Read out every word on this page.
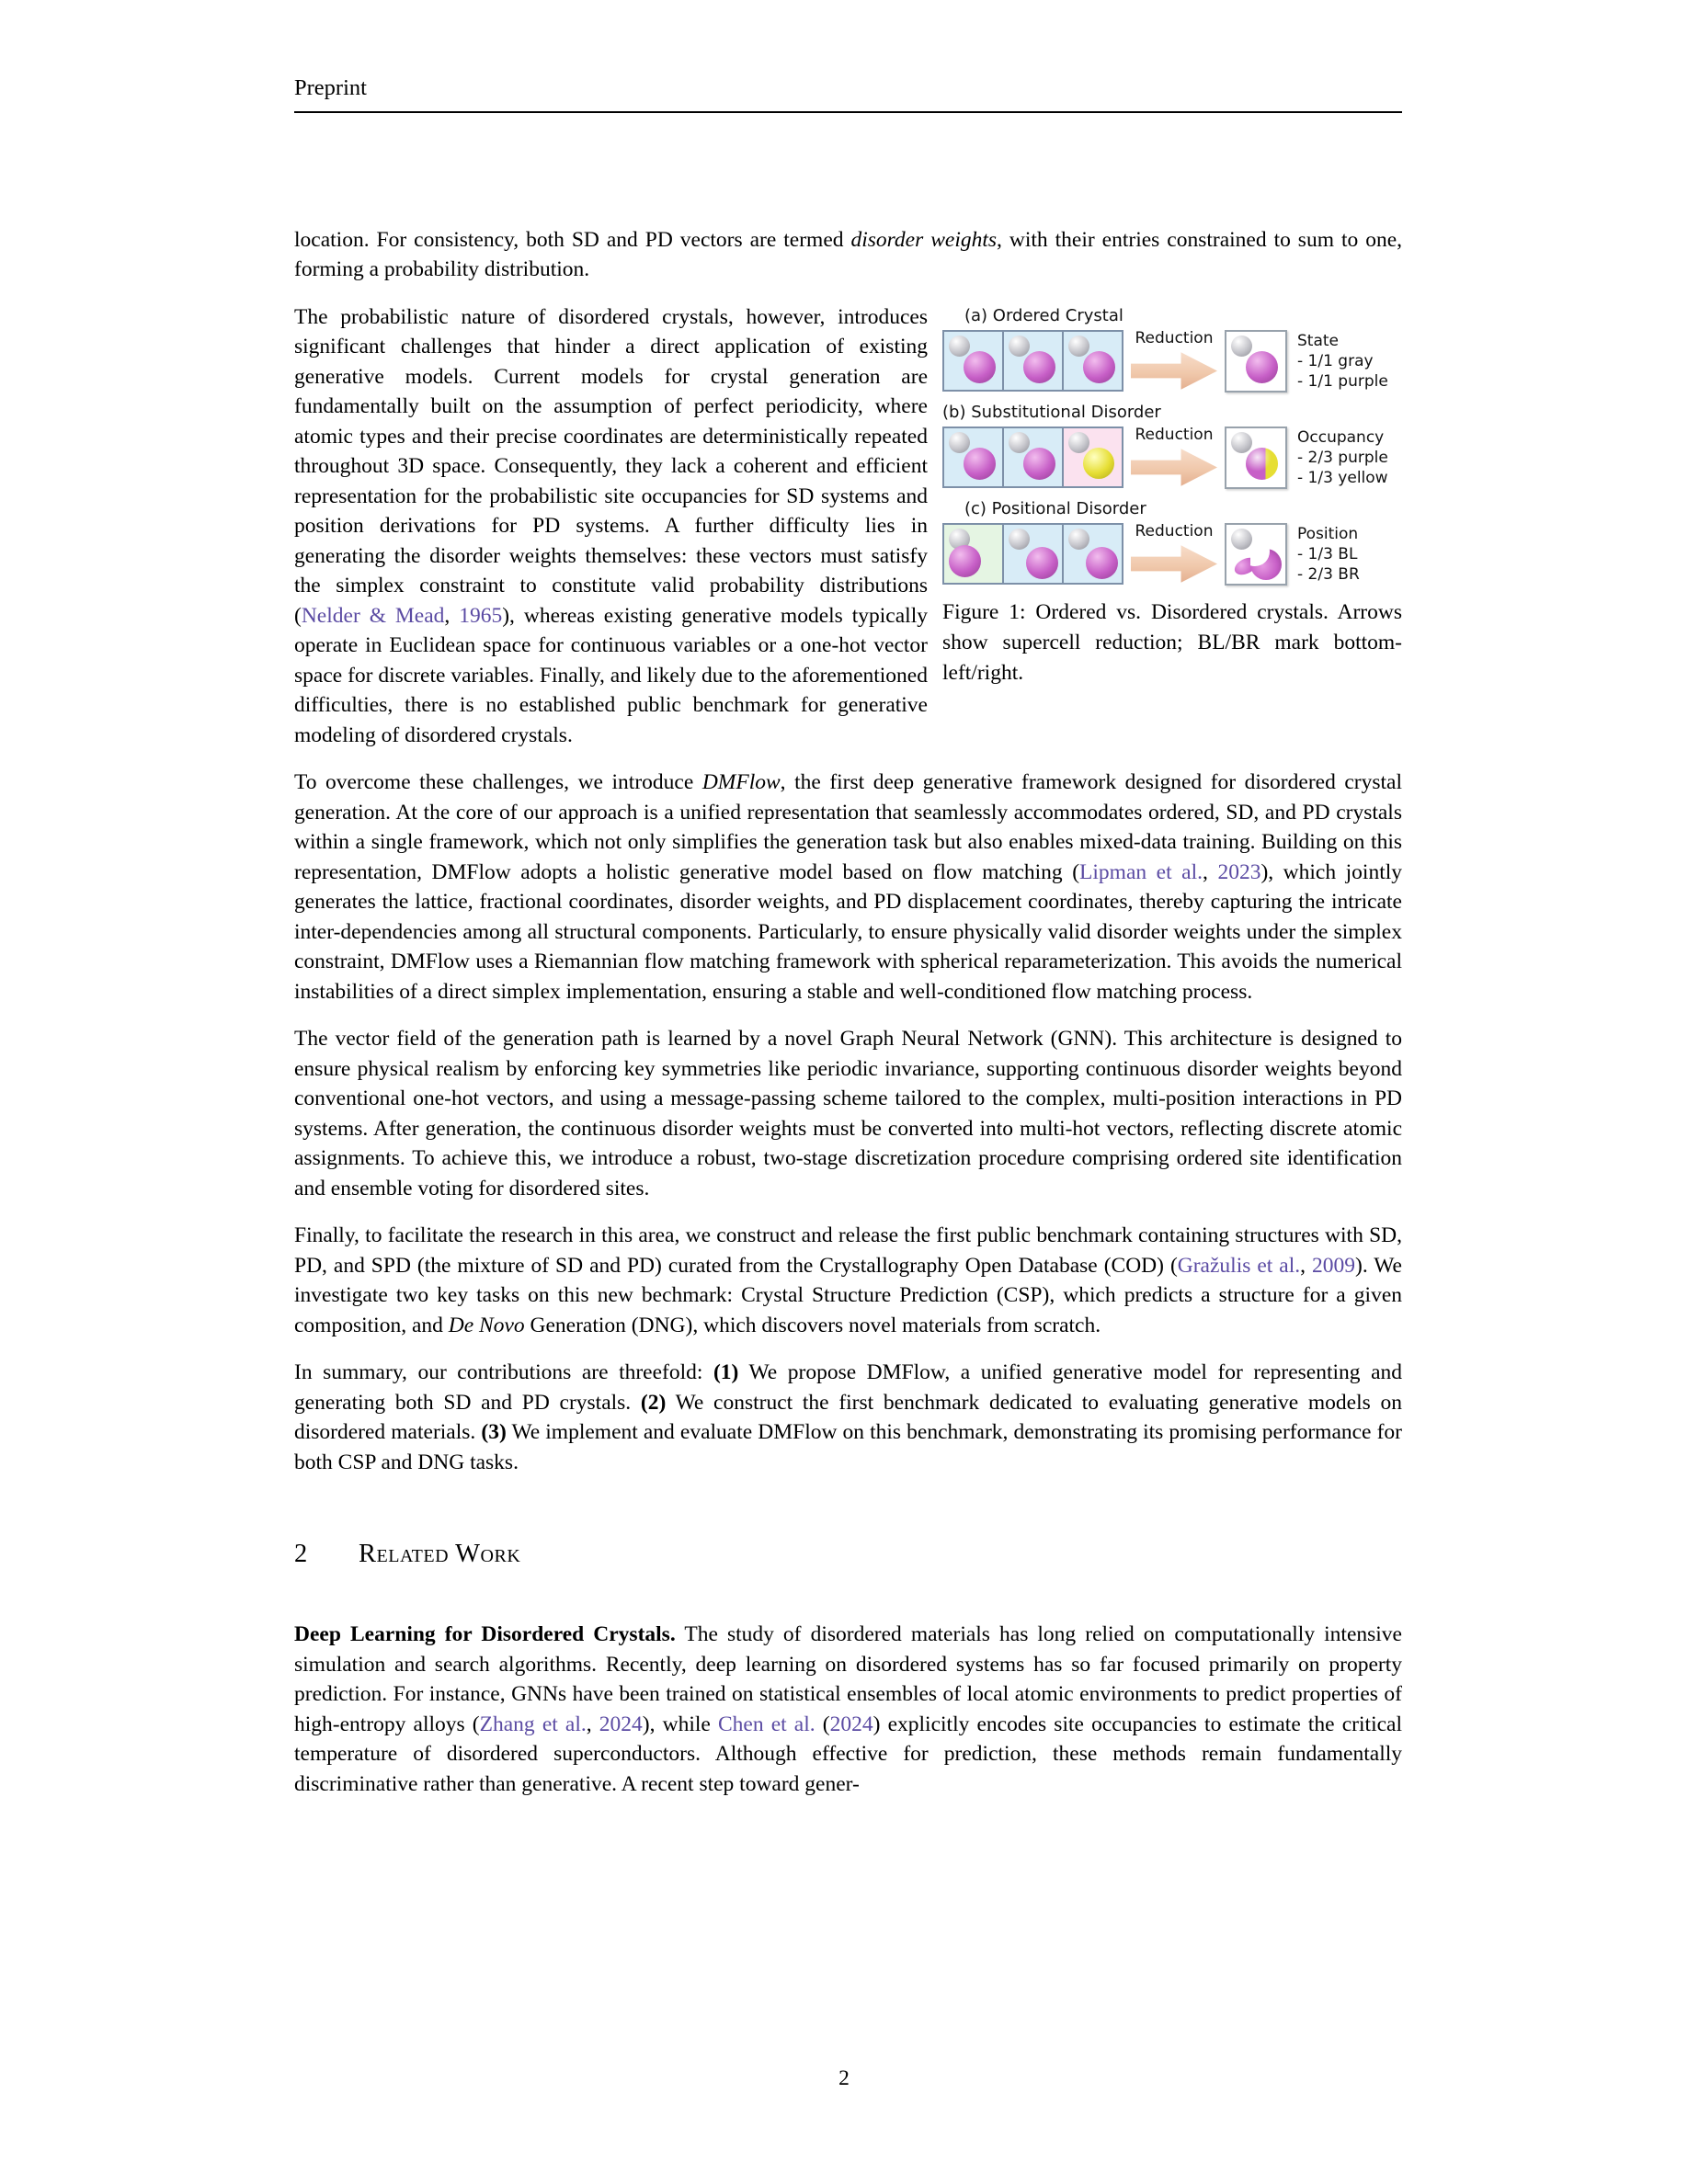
Preprint

location. For consistency, both SD and PD vectors are termed disorder weights, with their entries constrained to sum to one, forming a probability distribution.

(a) Ordered Crystal
Reduction	State
- 1/1 gray
- 1/1 purple
(b) Substitutional Disorder
Reduction	Occupancy
- 2/3 purple
- 1/3 yellow
(c) Positional Disorder
Reduction	Position
- 1/3 BL
- 2/3 BR
Figure 1: Ordered vs. Disordered crystals. Arrows show supercell reduction; BL/BR mark bottom-left/right.

The probabilistic nature of disordered crystals, however, introduces significant challenges that hinder a direct application of existing generative models. Current models for crystal generation are fundamentally built on the assumption of perfect periodicity, where atomic types and their precise coordinates are deterministically repeated throughout 3D space. Consequently, they lack a coherent and efficient representation for the probabilistic site occupancies for SD systems and position derivations for PD systems. A further difficulty lies in generating the disorder weights themselves: these vectors must satisfy the simplex constraint to constitute valid probability distributions (Nelder & Mead, 1965), whereas existing generative models typically operate in Euclidean space for continuous variables or a one-hot vector space for discrete variables. Finally, and likely due to the aforementioned difficulties, there is no established public benchmark for generative modeling of disordered crystals.

To overcome these challenges, we introduce DMFlow, the first deep generative framework designed for disordered crystal generation. At the core of our approach is a unified representation that seamlessly accommodates ordered, SD, and PD crystals within a single framework, which not only simplifies the generation task but also enables mixed-data training. Building on this representation, DMFlow adopts a holistic generative model based on flow matching (Lipman et al., 2023), which jointly generates the lattice, fractional coordinates, disorder weights, and PD displacement coordinates, thereby capturing the intricate inter-dependencies among all structural components. Particularly, to ensure physically valid disorder weights under the simplex constraint, DMFlow uses a Riemannian flow matching framework with spherical reparameterization. This avoids the numerical instabilities of a direct simplex implementation, ensuring a stable and well-conditioned flow matching process.

The vector field of the generation path is learned by a novel Graph Neural Network (GNN). This architecture is designed to ensure physical realism by enforcing key symmetries like periodic invariance, supporting continuous disorder weights beyond conventional one-hot vectors, and using a message-passing scheme tailored to the complex, multi-position interactions in PD systems. After generation, the continuous disorder weights must be converted into multi-hot vectors, reflecting discrete atomic assignments. To achieve this, we introduce a robust, two-stage discretization procedure comprising ordered site identification and ensemble voting for disordered sites.

Finally, to facilitate the research in this area, we construct and release the first public benchmark containing structures with SD, PD, and SPD (the mixture of SD and PD) curated from the Crystallography Open Database (COD) (Gražulis et al., 2009). We investigate two key tasks on this new bechmark: Crystal Structure Prediction (CSP), which predicts a structure for a given composition, and De Novo Generation (DNG), which discovers novel materials from scratch.

In summary, our contributions are threefold: (1) We propose DMFlow, a unified generative model for representing and generating both SD and PD crystals. (2) We construct the first benchmark dedicated to evaluating generative models on disordered materials. (3) We implement and evaluate DMFlow on this benchmark, demonstrating its promising performance for both CSP and DNG tasks.

2	Related Work

Deep Learning for Disordered Crystals. The study of disordered materials has long relied on computationally intensive simulation and search algorithms. Recently, deep learning on disordered systems has so far focused primarily on property prediction. For instance, GNNs have been trained on statistical ensembles of local atomic environments to predict properties of high-entropy alloys (Zhang et al., 2024), while Chen et al. (2024) explicitly encodes site occupancies to estimate the critical temperature of disordered superconductors. Although effective for prediction, these methods remain fundamentally discriminative rather than generative. A recent step toward gener-

2
